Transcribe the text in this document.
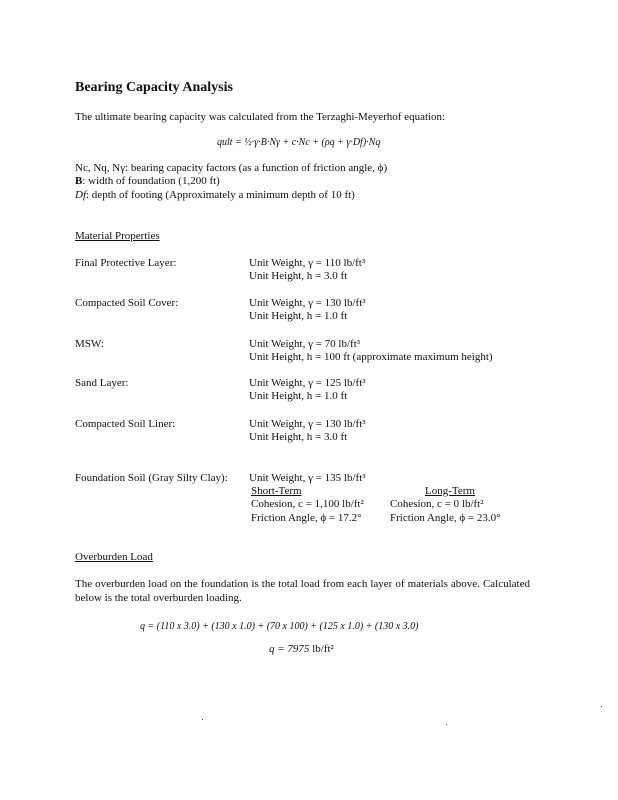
Bearing Capacity Analysis
The ultimate bearing capacity was calculated from the Terzaghi-Meyerhof equation:
qult = ½·γ·B·Nγ + c·Nc + (ρq + γ·Df)·Nq
Nc, Nq, Nγ: bearing capacity factors (as a function of friction angle, ϕ)
B: width of foundation (1,200 ft)
Df: depth of footing (Approximately a minimum depth of 10 ft)
Material Properties
Final Protective Layer:	Unit Weight, γ = 110 lb/ft³
Unit Height, h = 3.0 ft
Compacted Soil Cover:	Unit Weight, γ = 130 lb/ft³
Unit Height, h = 1.0 ft
MSW:	Unit Weight, γ = 70 lb/ft³
Unit Height, h = 100 ft (approximate maximum height)
Sand Layer:	Unit Weight, γ = 125 lb/ft³
Unit Height, h = 1.0 ft
Compacted Soil Liner:	Unit Weight, γ = 130 lb/ft³
Unit Height, h = 3.0 ft
Foundation Soil (Gray Silty Clay): Unit Weight, γ = 135 lb/ft³
Short-Term	Long-Term
Cohesion, c = 1,100 lb/ft² Cohesion, c = 0 lb/ft²
Friction Angle, ϕ = 17.2°	Friction Angle, ϕ = 23.0°
Overburden Load
The overburden load on the foundation is the total load from each layer of materials above. Calculated below is the total overburden loading.
q = (110 x 3.0) + (130 x 1.0) + (70 x 100) + (125 x 1.0) + (130 x 3.0)
q = 7975 lb/ft²
